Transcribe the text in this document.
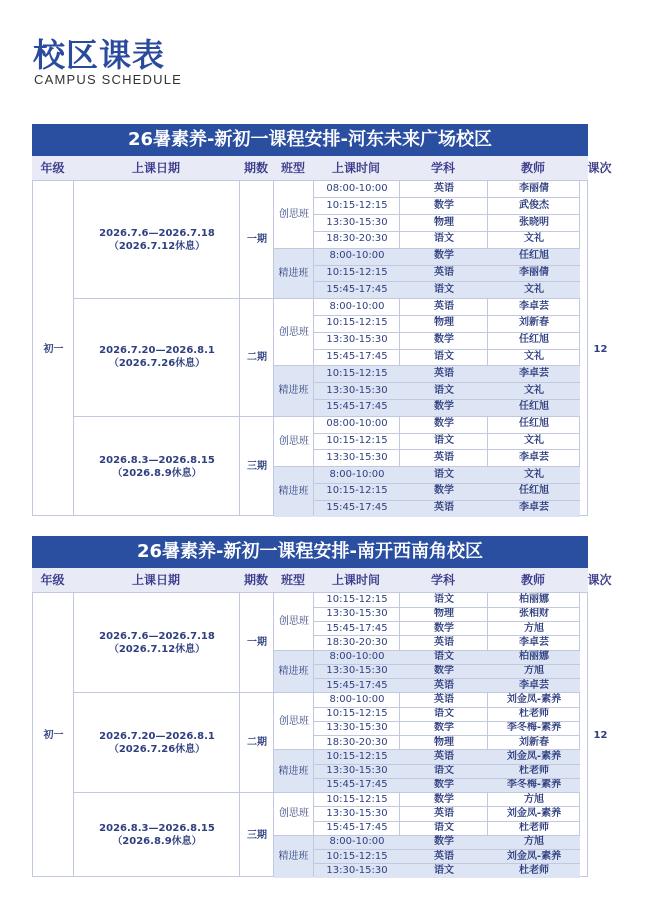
校区课表
CAMPUS SCHEDULE
26暑素养-新初一课程安排-河东未来广场校区
年级	上课日期	期数	班型	上课时间	学科	教师	课次
初一	12
2026.7.6—2026.7.18
（2026.7.12休息）
一期
创思班
08:00-10:00	英语	李丽倩
10:15-12:15	数学	武俊杰
13:30-15:30	物理	张晓明
18:30-20:30	语文	文礼
精进班
8:00-10:00	数学	任红旭
10:15-12:15	英语	李丽倩
15:45-17:45	语文	文礼
2026.7.20—2026.8.1
（2026.7.26休息）
二期
创思班
8:00-10:00	英语	李卓芸
10:15-12:15	物理	刘新春
13:30-15:30	数学	任红旭
15:45-17:45	语文	文礼
精进班
10:15-12:15	英语	李卓芸
13:30-15:30	语文	文礼
15:45-17:45	数学	任红旭
2026.8.3—2026.8.15
（2026.8.9休息）
三期
创思班
08:00-10:00	数学	任红旭
10:15-12:15	语文	文礼
13:30-15:30	英语	李卓芸
精进班
8:00-10:00	语文	文礼
10:15-12:15	数学	任红旭
15:45-17:45	英语	李卓芸
26暑素养-新初一课程安排-南开西南角校区
年级	上课日期	期数	班型	上课时间	学科	教师	课次
初一	12
2026.7.6—2026.7.18
（2026.7.12休息）
一期
创思班
10:15-12:15	语文	柏丽娜
13:30-15:30	物理	张相财
15:45-17:45	数学	方旭
18:30-20:30	英语	李卓芸
精进班
8:00-10:00	语文	柏丽娜
13:30-15:30	数学	方旭
15:45-17:45	英语	李卓芸
2026.7.20—2026.8.1
（2026.7.26休息）
二期
创思班
8:00-10:00	英语	刘金凤-素养
10:15-12:15	语文	杜老师
13:30-15:30	数学	李冬梅-素养
18:30-20:30	物理	刘新春
精进班
10:15-12:15	英语	刘金凤-素养
13:30-15:30	语文	杜老师
15:45-17:45	数学	李冬梅-素养
2026.8.3—2026.8.15
（2026.8.9休息）
三期
创思班
10:15-12:15	数学	方旭
13:30-15:30	英语	刘金凤-素养
15:45-17:45	语文	杜老师
精进班
8:00-10:00	数学	方旭
10:15-12:15	英语	刘金凤-素养
13:30-15:30	语文	杜老师
